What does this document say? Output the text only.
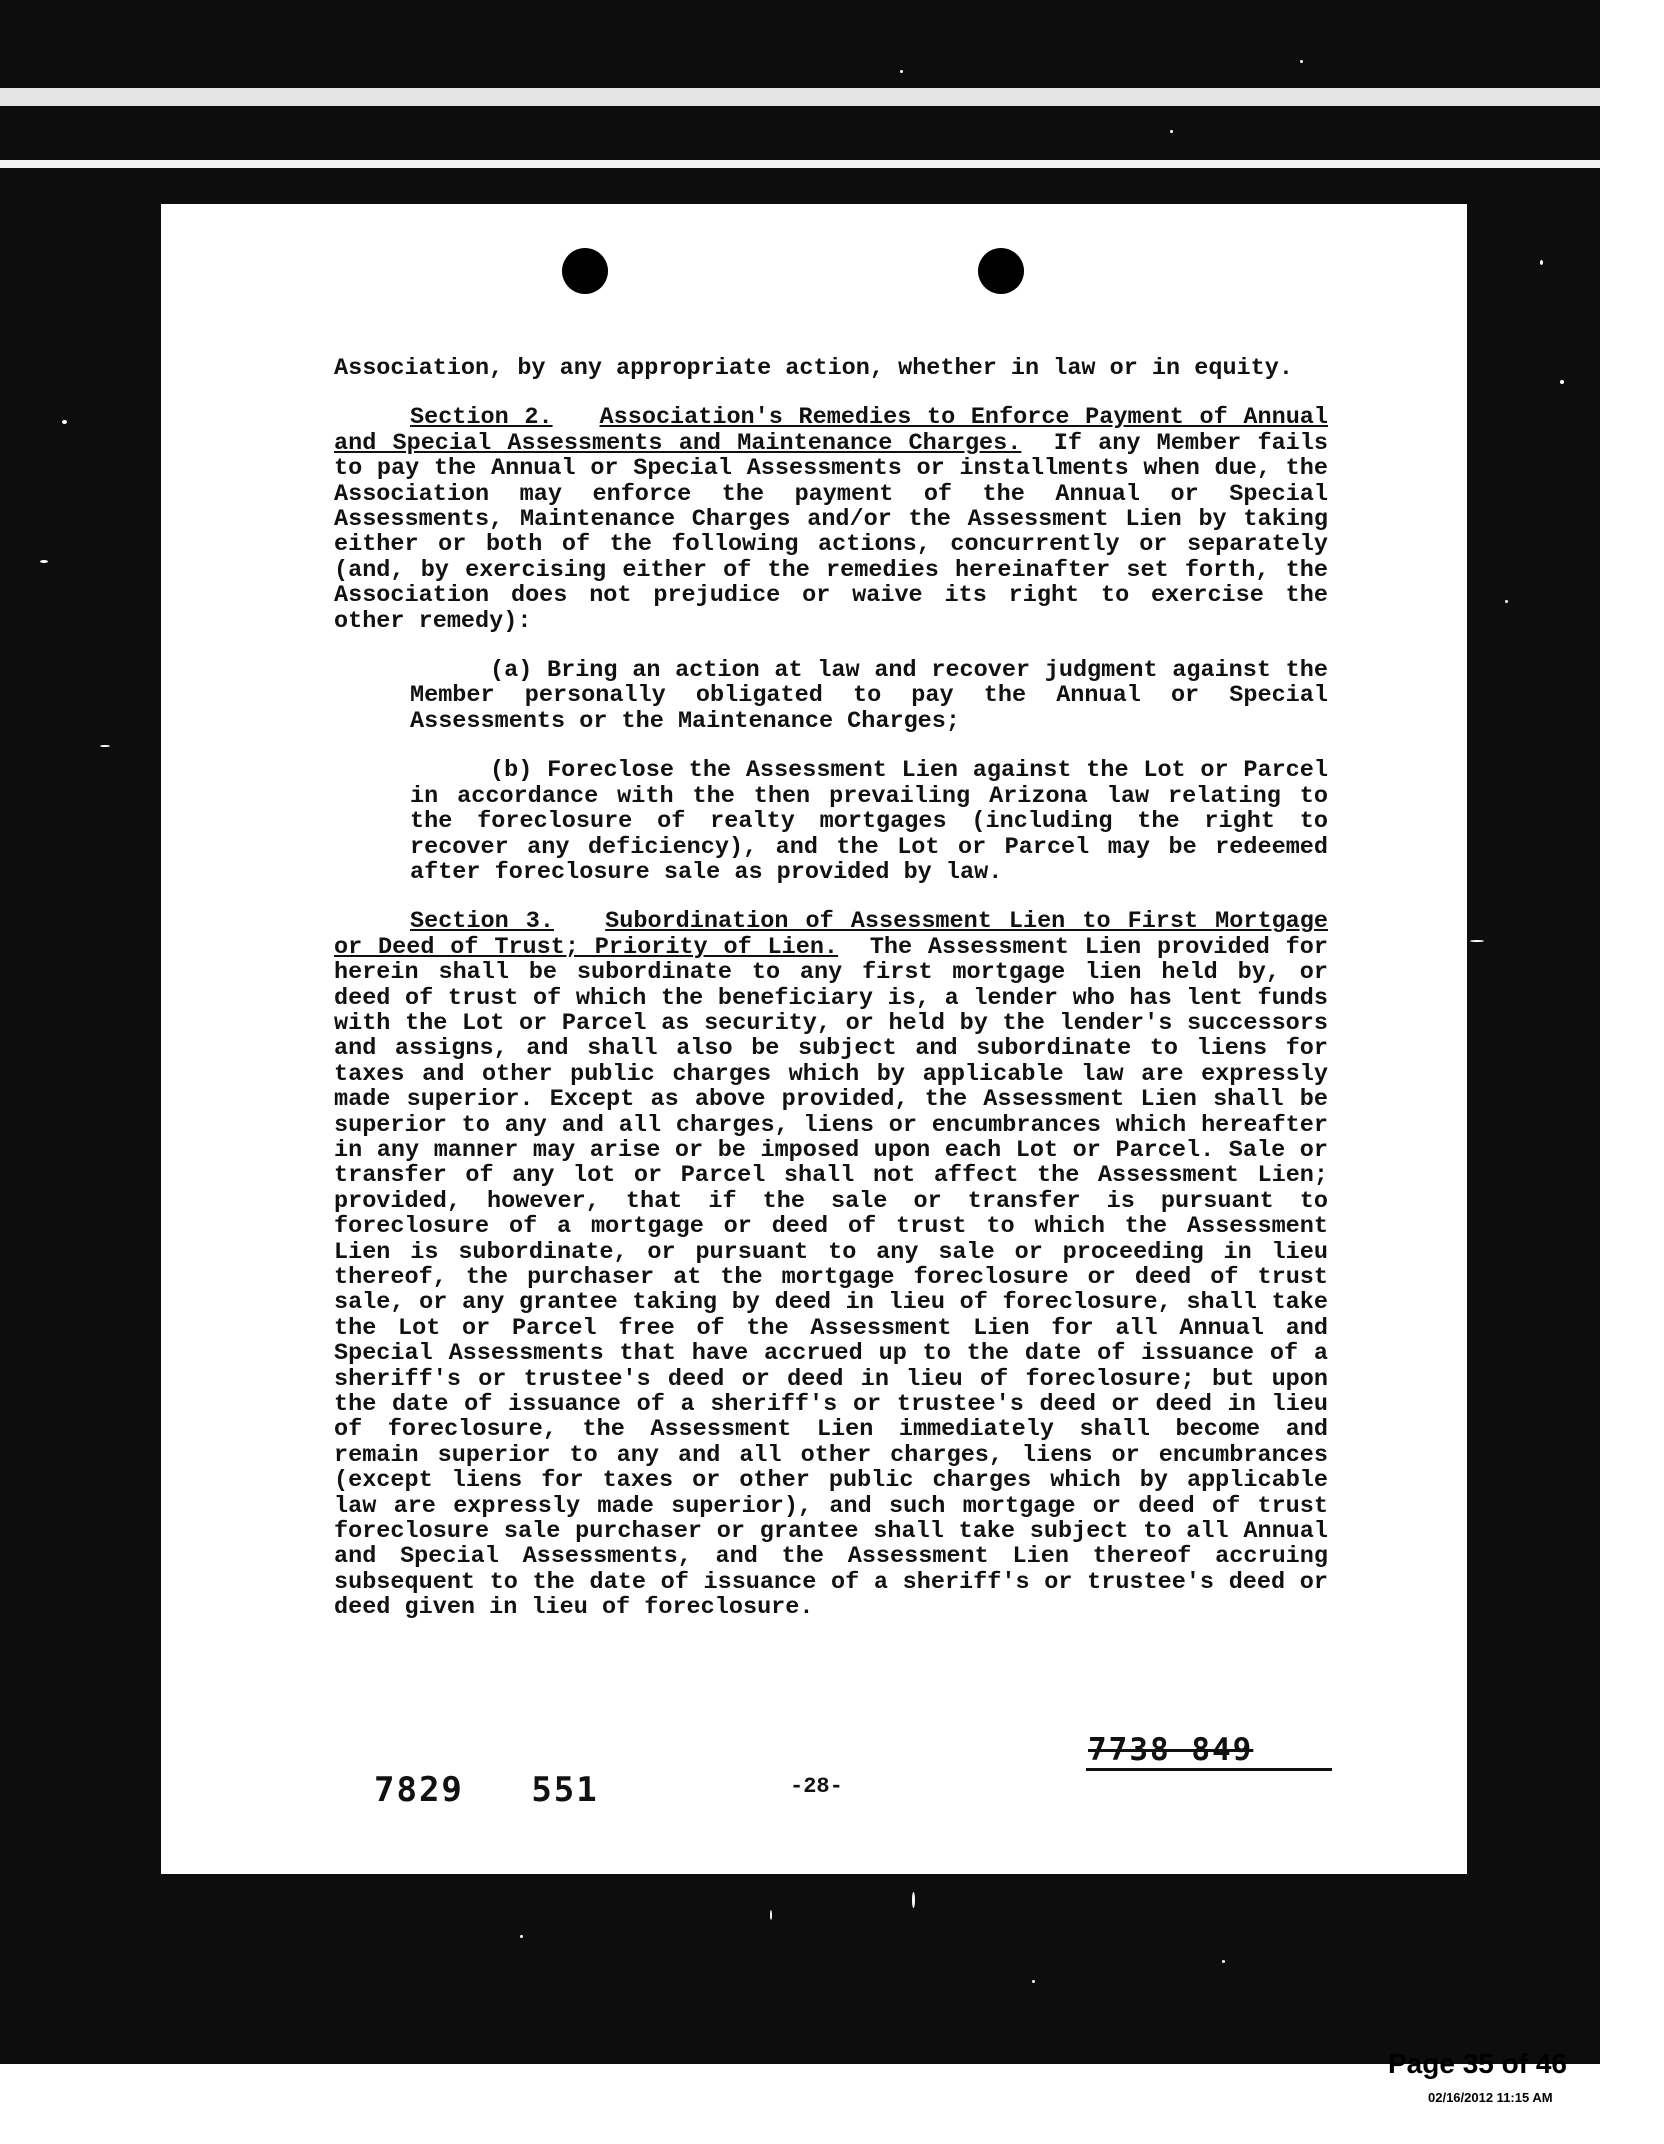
Association, by any appropriate action, whether in law or in equity.

Section 2. Association's Remedies to Enforce Payment of Annual and Special Assessments and Maintenance Charges. If any Member fails to pay the Annual or Special Assessments or installments when due, the Association may enforce the payment of the Annual or Special Assessments, Maintenance Charges and/or the Assessment Lien by taking either or both of the following actions, concurrently or separately (and, by exercising either of the remedies hereinafter set forth, the Association does not prejudice or waive its right to exercise the other remedy):

(a) Bring an action at law and recover judgment against the Member personally obligated to pay the Annual or Special Assessments or the Maintenance Charges;

(b) Foreclose the Assessment Lien against the Lot or Parcel in accordance with the then prevailing Arizona law relating to the foreclosure of realty mortgages (including the right to recover any deficiency), and the Lot or Parcel may be redeemed after foreclosure sale as provided by law.

Section 3. Subordination of Assessment Lien to First Mortgage or Deed of Trust; Priority of Lien. The Assessment Lien provided for herein shall be subordinate to any first mortgage lien held by, or deed of trust of which the beneficiary is, a lender who has lent funds with the Lot or Parcel as security, or held by the lender's successors and assigns, and shall also be subject and subordinate to liens for taxes and other public charges which by applicable law are expressly made superior. Except as above provided, the Assessment Lien shall be superior to any and all charges, liens or encumbrances which hereafter in any manner may arise or be imposed upon each Lot or Parcel. Sale or transfer of any lot or Parcel shall not affect the Assessment Lien; provided, however, that if the sale or transfer is pursuant to foreclosure of a mortgage or deed of trust to which the Assessment Lien is subordinate, or pursuant to any sale or proceeding in lieu thereof, the purchaser at the mortgage foreclosure or deed of trust sale, or any grantee taking by deed in lieu of foreclosure, shall take the Lot or Parcel free of the Assessment Lien for all Annual and Special Assessments that have accrued up to the date of issuance of a sheriff's or trustee's deed or deed in lieu of foreclosure; but upon the date of issuance of a sheriff's or trustee's deed or deed in lieu of foreclosure, the Assessment Lien immediately shall become and remain superior to any and all other charges, liens or encumbrances (except liens for taxes or other public charges which by applicable law are expressly made superior), and such mortgage or deed of trust foreclosure sale purchaser or grantee shall take subject to all Annual and Special Assessments, and the Assessment Lien thereof accruing subsequent to the date of issuance of a sheriff's or trustee's deed or deed given in lieu of foreclosure.

7829 551	-28-
7738 849
Page 35 of 46
02/16/2012 11:15 AM
